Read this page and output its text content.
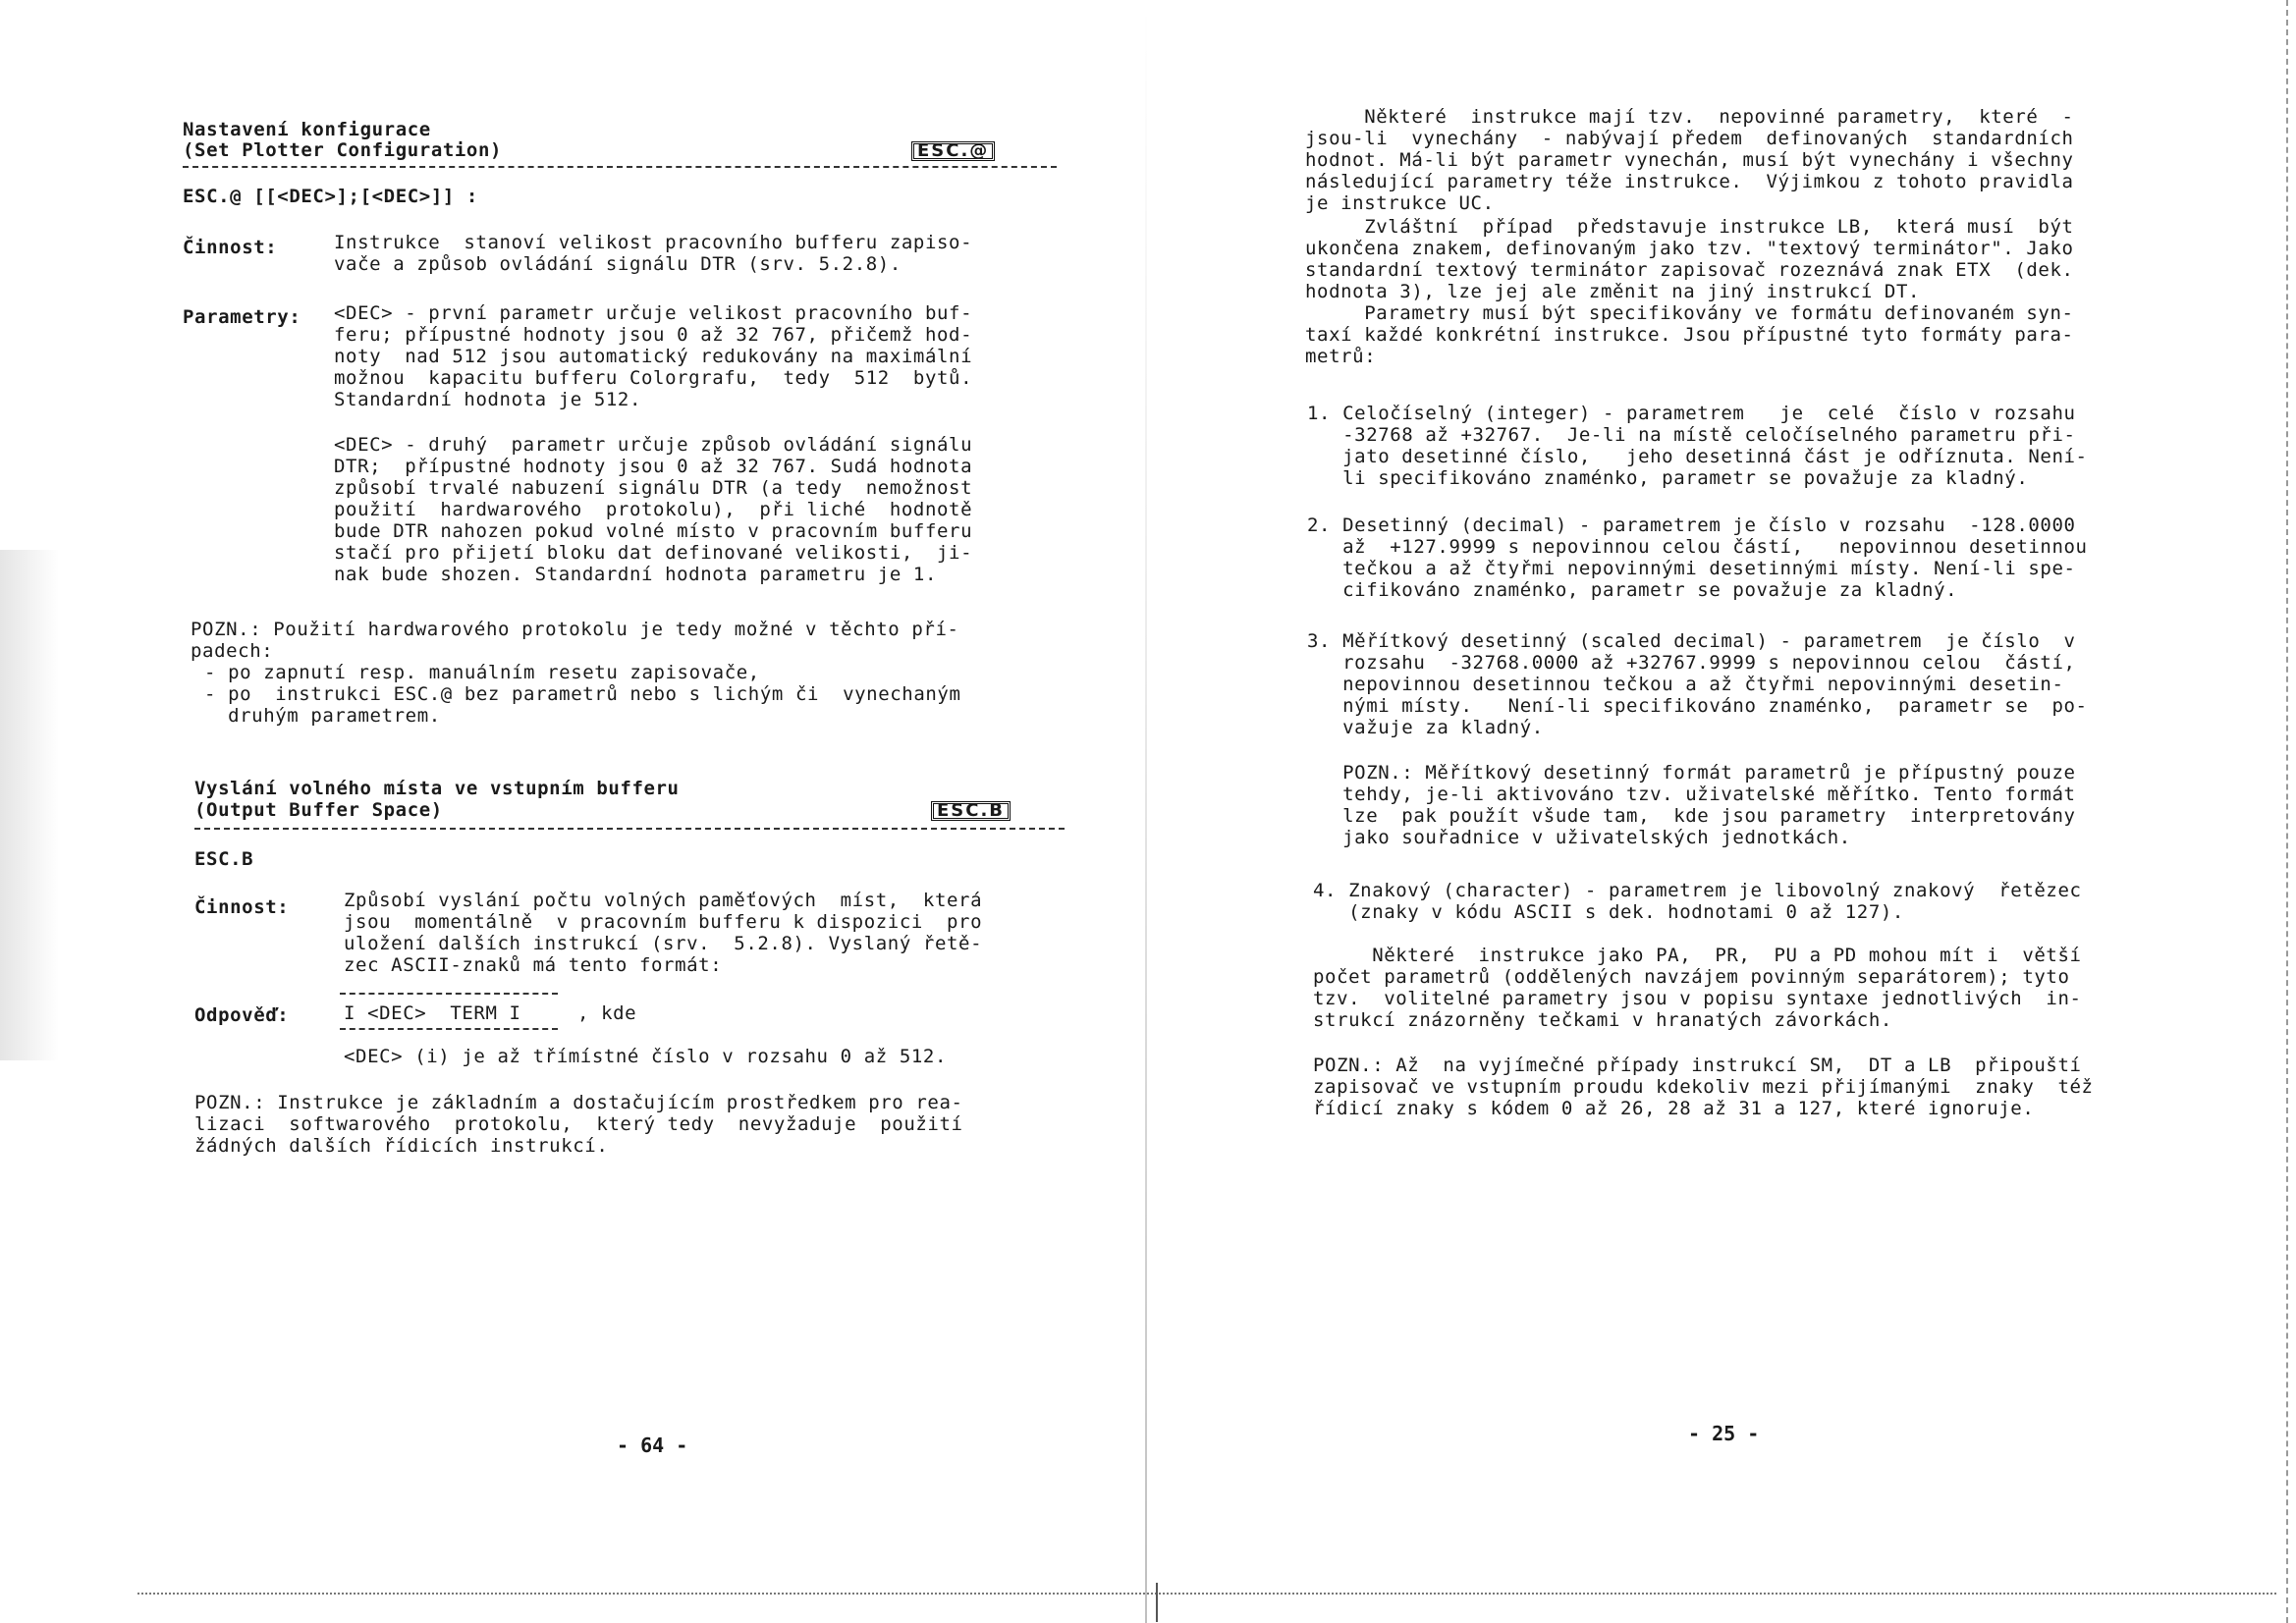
Nastavení konfigurace

(Set Plotter Configuration)	ESC.@

ESC.@ [[<DEC>];[<DEC>]] :

Činnost:	Instrukce  stanoví velikost pracovního bufferu zapiso-

vače a způsob ovládání signálu DTR (srv. 5.2.8).

Parametry: <DEC> - první parametr určuje velikost pracovního buf-

feru; přípustné hodnoty jsou 0 až 32 767, přičemž hod-

noty  nad 512 jsou automatický redukovány na maximální

možnou  kapacitu bufferu Colorgrafu,  tedy  512  bytů.

Standardní hodnota je 512.

<DEC> - druhý  parametr určuje způsob ovládání signálu

DTR;  přípustné hodnoty jsou 0 až 32 767. Sudá hodnota

způsobí trvalé nabuzení signálu DTR (a tedy  nemožnost

použití  hardwarového  protokolu),  při liché  hodnotě

bude DTR nahozen pokud volné místo v pracovním bufferu

stačí pro přijetí bloku dat definované velikosti,  ji-

nak bude shozen. Standardní hodnota parametru je 1.

POZN.: Použití hardwarového protokolu je tedy možné v těchto pří-

padech:

- po zapnutí resp. manuálním resetu zapisovače,

- po  instrukci ESC.@ bez parametrů nebo s lichým či  vynechaným

druhým parametrem.

Vyslání volného místa ve vstupním bufferu

(Output Buffer Space)	ESC.B

ESC.B

Činnost:	Způsobí vyslání počtu volných paměťových  míst,  která

jsou  momentálně  v pracovním bufferu k dispozici  pro

uložení dalších instrukcí (srv.  5.2.8). Vyslaný řetě-

zec ASCII-znaků má tento formát:

Odpověď:	I <DEC>  TERM I	, kde

<DEC> (i) je až třímístné číslo v rozsahu 0 až 512.

POZN.: Instrukce je základním a dostačujícím prostředkem pro rea-

lizaci  softwarového  protokolu,  který tedy  nevyžaduje  použití

žádných dalších řídicích instrukcí.

- 64 -

Některé  instrukce mají tzv.  nepovinné parametry,  které  -

jsou-li  vynechány  - nabývají předem  definovaných  standardních

hodnot. Má-li být parametr vynechán, musí být vynechány i všechny

následující parametry téže instrukce.  Výjimkou z tohoto pravidla

je instrukce UC.

Zvláštní  případ  představuje instrukce LB,  která musí  být

ukončena znakem, definovaným jako tzv. "textový terminátor". Jako

standardní textový terminátor zapisovač rozeznává znak ETX  (dek.

hodnota 3), lze jej ale změnit na jiný instrukcí DT.

Parametry musí být specifikovány ve formátu definovaném syn-

taxí každé konkrétní instrukce. Jsou přípustné tyto formáty para-

metrů:

1. Celočíselný (integer) - parametrem   je  celé  číslo v rozsahu

-32768 až +32767.  Je-li na místě celočíselného parametru při-

jato desetinné číslo,   jeho desetinná část je odříznuta. Není-

li specifikováno znaménko, parametr se považuje za kladný.

2. Desetinný (decimal) - parametrem je číslo v rozsahu  -128.0000

až  +127.9999 s nepovinnou celou částí,   nepovinnou desetinnou

tečkou a až čtyřmi nepovinnými desetinnými místy. Není-li spe-

cifikováno znaménko, parametr se považuje za kladný.

3. Měřítkový desetinný (scaled decimal) - parametrem  je číslo  v

rozsahu  -32768.0000 až +32767.9999 s nepovinnou celou  částí,

nepovinnou desetinnou tečkou a až čtyřmi nepovinnými desetin-

nými místy.   Není-li specifikováno znaménko,  parametr se  po-

važuje za kladný.

POZN.: Měřítkový desetinný formát parametrů je přípustný pouze

tehdy, je-li aktivováno tzv. uživatelské měřítko. Tento formát

lze  pak použít všude tam,  kde jsou parametry  interpretovány

jako souřadnice v uživatelských jednotkách.

4. Znakový (character) - parametrem je libovolný znakový  řetězec

(znaky v kódu ASCII s dek. hodnotami 0 až 127).

Některé  instrukce jako PA,  PR,  PU a PD mohou mít i  větší

počet parametrů (oddělených navzájem povinným separátorem); tyto

tzv.  volitelné parametry jsou v popisu syntaxe jednotlivých  in-

strukcí znázorněny tečkami v hranatých závorkách.

POZN.: Až  na vyjímečné případy instrukcí SM,  DT a LB  připouští

zapisovač ve vstupním proudu kdekoliv mezi přijímanými  znaky  též

řídicí znaky s kódem 0 až 26, 28 až 31 a 127, které ignoruje.

- 25 -
